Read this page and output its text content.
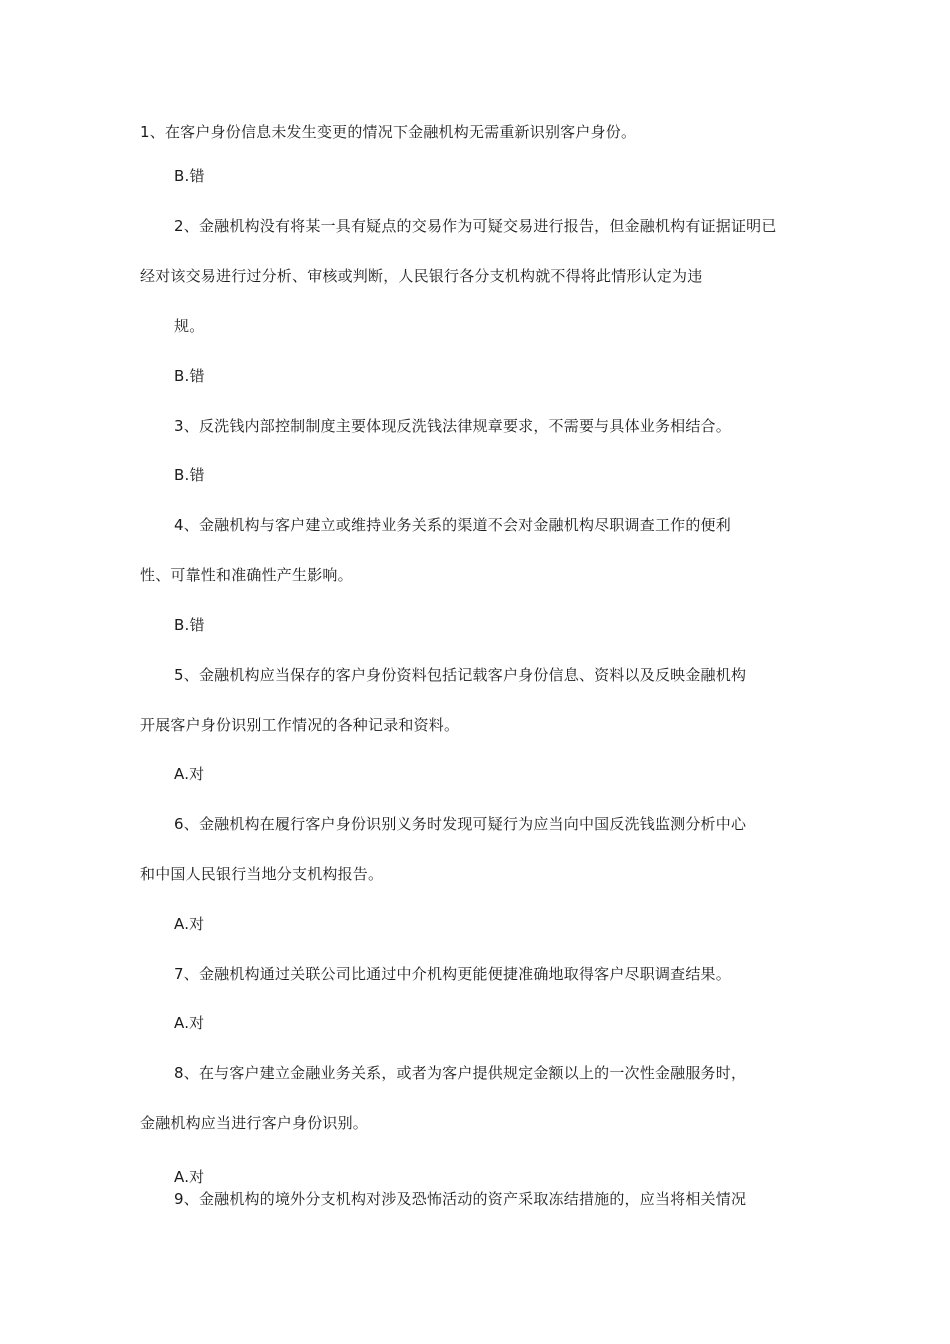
1、在客户身份信息未发生变更的情况下金融机构无需重新识别客户身份。
B.错
2、金融机构没有将某一具有疑点的交易作为可疑交易进行报告，但金融机构有证据证明已
经对该交易进行过分析、审核或判断，人民银行各分支机构就不得将此情形认定为违
规。
B.错
3、反洗钱内部控制制度主要体现反洗钱法律规章要求，不需要与具体业务相结合。
B.错
4、金融机构与客户建立或维持业务关系的渠道不会对金融机构尽职调查工作的便利
性、可靠性和准确性产生影响。
B.错
5、金融机构应当保存的客户身份资料包括记载客户身份信息、资料以及反映金融机构
开展客户身份识别工作情况的各种记录和资料。
A.对
6、金融机构在履行客户身份识别义务时发现可疑行为应当向中国反洗钱监测分析中心
和中国人民银行当地分支机构报告。
A.对
7、金融机构通过关联公司比通过中介机构更能便捷准确地取得客户尽职调查结果。
A.对
8、在与客户建立金融业务关系，或者为客户提供规定金额以上的一次性金融服务时，
金融机构应当进行客户身份识别。
A.对
9、金融机构的境外分支机构对涉及恐怖活动的资产采取冻结措施的，应当将相关情况
